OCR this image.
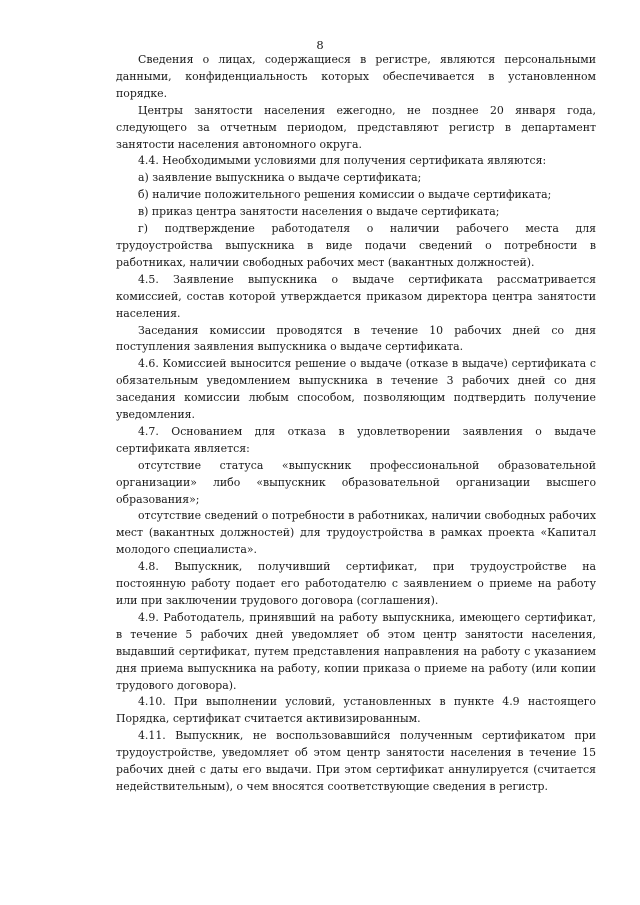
8

Сведения о лицах, содержащиеся в регистре, являются персональными данными, конфиденциальность которых обеспечивается в установленном порядке.

Центры занятости населения ежегодно, не позднее 20 января года, следующего за отчетным периодом, представляют регистр в департамент занятости населения автономного округа.

4.4. Необходимыми условиями для получения сертификата являются:

а) заявление выпускника о выдаче сертификата;

б) наличие положительного решения комиссии о выдаче сертификата;

в) приказ центра занятости населения о выдаче сертификата;

г) подтверждение работодателя о наличии рабочего места для трудоустройства выпускника в виде подачи сведений о потребности в работниках, наличии свободных рабочих мест (вакантных должностей).

4.5. Заявление выпускника о выдаче сертификата рассматривается комиссией, состав которой утверждается приказом директора центра занятости населения.

Заседания комиссии проводятся в течение 10 рабочих дней со дня поступления заявления выпускника о выдаче сертификата.

4.6. Комиссией выносится решение о выдаче (отказе в выдаче) сертификата с обязательным уведомлением выпускника в течение 3 рабочих дней со дня заседания комиссии любым способом, позволяющим подтвердить получение уведомления.

4.7. Основанием для отказа в удовлетворении заявления о выдаче сертификата является:

отсутствие статуса «выпускник профессиональной образовательной организации» либо «выпускник образовательной организации высшего образования»;

отсутствие сведений о потребности в работниках, наличии свободных рабочих мест (вакантных должностей) для трудоустройства в рамках проекта «Капитал молодого специалиста».

4.8. Выпускник, получивший сертификат, при трудоустройстве на постоянную работу подает его работодателю с заявлением о приеме на работу или при заключении трудового договора (соглашения).

4.9. Работодатель, принявший на работу выпускника, имеющего сертификат, в течение 5 рабочих дней уведомляет об этом центр занятости населения, выдавший сертификат, путем представления направления на работу с указанием дня приема выпускника на работу, копии приказа о приеме на работу (или копии трудового договора).

4.10. При выполнении условий, установленных в пункте 4.9 настоящего Порядка, сертификат считается активизированным.

4.11. Выпускник, не воспользовавшийся полученным сертификатом при трудоустройстве, уведомляет об этом центр занятости населения в течение 15 рабочих дней с даты его выдачи. При этом сертификат аннулируется (считается недействительным), о чем вносятся соответствующие сведения в регистр.
